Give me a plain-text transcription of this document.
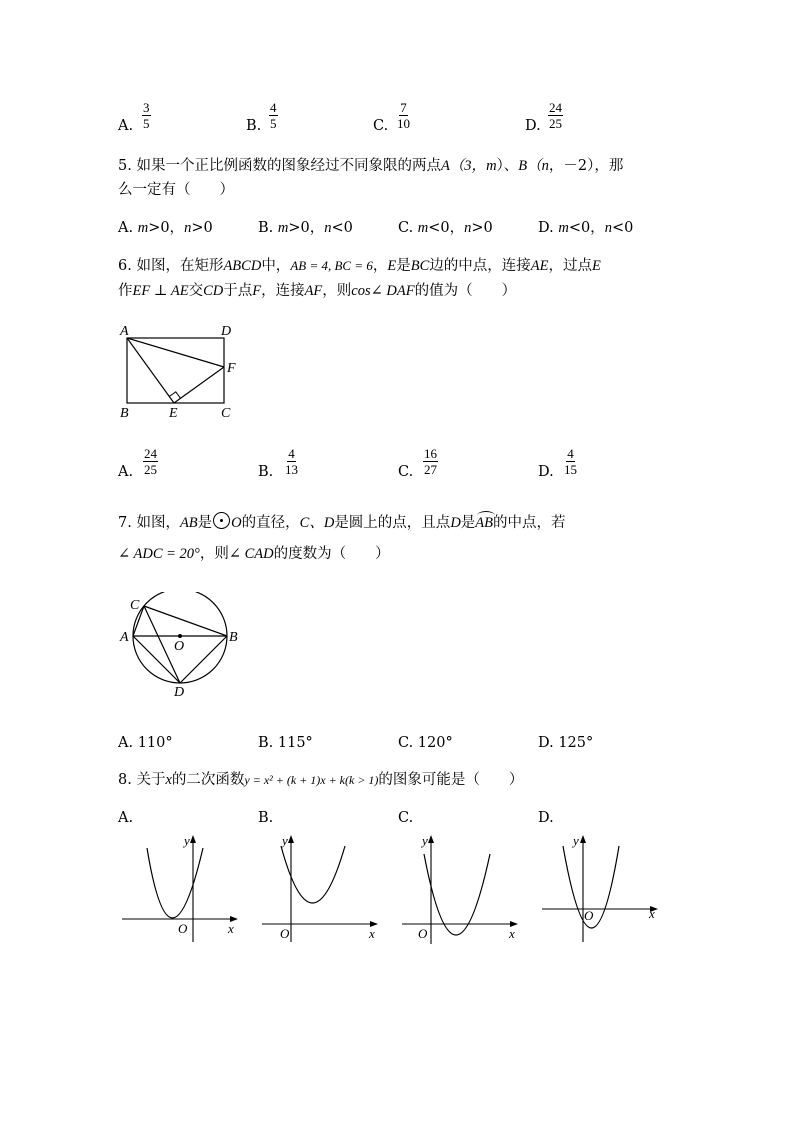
A. $\frac{3}{5}$	B. $\frac{4}{5}$	C. $\frac{7}{10}$	D. $\frac{24}{25}$
5. 如果一个正比例函数的图象经过不同象限的两点A（3，m）、B（n，－2），那
么一定有（　　）
A. m>0，n>0	B. m>0，n<0	C. m<0，n>0	D. m<0，n<0
6. 如图，在矩形ABCD中，AB = 4, BC = 6，E是BC边的中点，连接AE，过点E
作EF ⊥ AE交CD于点F，连接AF，则cos∠ DAF的值为（　　）
A	D
F
B	E	C
A. $\frac{24}{25}$	B. $\frac{4}{13}$	C. $\frac{16}{27}$	D. $\frac{4}{15}$
7. 如图，AB是 O的直径，C、D是圆上的点，且点D是
AB的中点，若
∠ ADC = 20°，则∠ CAD的度数为（　　）
C
A	B
O
D
A. 110°	B. 115°	C. 120°	D. 125°
8. 关于x的二次函数y = x² + (k + 1)x + k(k > 1)的图象可能是（　　）
A.	B.	C.	D.
y
x
O
y
x
O
y
x
O
y
x
O
